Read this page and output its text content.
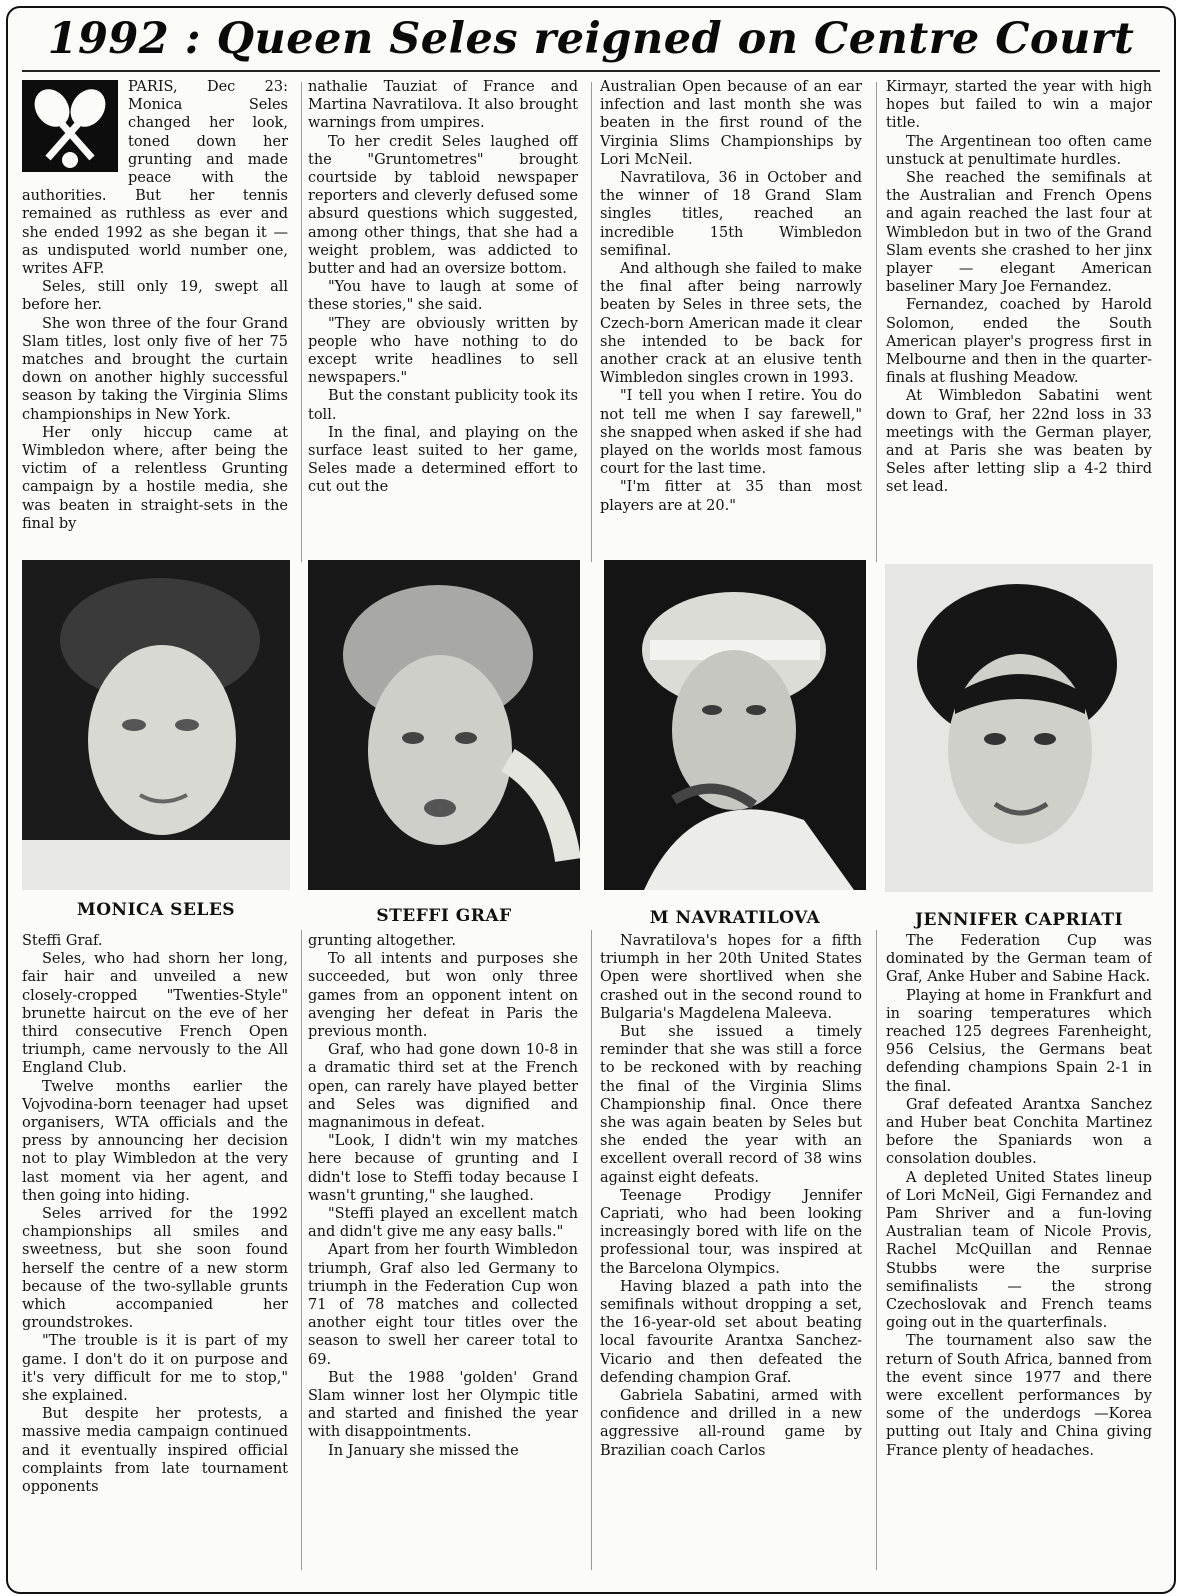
1992 : Queen Seles reigned on Centre Court

PARIS, Dec 23: Monica Seles changed her look, toned down her grunting and made peace with the authorities. But her tennis remained as ruthless as ever and she ended 1992 as she began it — as undisputed world number one, writes AFP.

Seles, still only 19, swept all before her.

She won three of the four Grand Slam titles, lost only five of her 75 matches and brought the curtain down on another highly successful season by taking the Virginia Slims championships in New York.

Her only hiccup came at Wimbledon where, after being the victim of a relentless Grunting campaign by a hostile media, she was beaten in straight-sets in the final by

nathalie Tauziat of France and Martina Navratilova. It also brought warnings from umpires.

To her credit Seles laughed off the "Gruntometres" brought courtside by tabloid newspaper reporters and cleverly defused some absurd questions which suggested, among other things, that she had a weight problem, was addicted to butter and had an oversize bottom.

"You have to laugh at some of these stories," she said.

"They are obviously written by people who have nothing to do except write headlines to sell newspapers."

But the constant publicity took its toll.

In the final, and playing on the surface least suited to her game, Seles made a determined effort to cut out the

Australian Open because of an ear infection and last month she was beaten in the first round of the Virginia Slims Championships by Lori McNeil.

Navratilova, 36 in October and the winner of 18 Grand Slam singles titles, reached an incredible 15th Wimbledon semifinal.

And although she failed to make the final after being narrowly beaten by Seles in three sets, the Czech-born American made it clear she intended to be back for another crack at an elusive tenth Wimbledon singles crown in 1993.

"I tell you when I retire. You do not tell me when I say farewell," she snapped when asked if she had played on the worlds most famous court for the last time.

"I'm fitter at 35 than most players are at 20."

Kirmayr, started the year with high hopes but failed to win a major title.

The Argentinean too often came unstuck at penultimate hurdles.

She reached the semifinals at the Australian and French Opens and again reached the last four at Wimbledon but in two of the Grand Slam events she crashed to her jinx player — elegant American baseliner Mary Joe Fernandez.

Fernandez, coached by Harold Solomon, ended the South American player's progress first in Melbourne and then in the quarter-finals at flushing Meadow.

At Wimbledon Sabatini went down to Graf, her 22nd loss in 33 meetings with the German player, and at Paris she was beaten by Seles after letting slip a 4-2 third set lead.

MONICA SELES	STEFFI GRAF	M NAVRATILOVA	JENNIFER CAPRIATI

Steffi Graf.

Seles, who had shorn her long, fair hair and unveiled a new closely-cropped "Twenties-Style" brunette haircut on the eve of her third consecutive French Open triumph, came nervously to the All England Club.

Twelve months earlier the Vojvodina-born teenager had upset organisers, WTA officials and the press by announcing her decision not to play Wimbledon at the very last moment via her agent, and then going into hiding.

Seles arrived for the 1992 championships all smiles and sweetness, but she soon found herself the centre of a new storm because of the two-syllable grunts which accompanied her groundstrokes.

"The trouble is it is part of my game. I don't do it on purpose and it's very difficult for me to stop," she explained.

But despite her protests, a massive media campaign continued and it eventually inspired official complaints from late tournament opponents

grunting altogether.

To all intents and purposes she succeeded, but won only three games from an opponent intent on avenging her defeat in Paris the previous month.

Graf, who had gone down 10-8 in a dramatic third set at the French open, can rarely have played better and Seles was dignified and magnanimous in defeat.

"Look, I didn't win my matches here because of grunting and I didn't lose to Steffi today because I wasn't grunting," she laughed.

"Steffi played an excellent match and didn't give me any easy balls."

Apart from her fourth Wimbledon triumph, Graf also led Germany to triumph in the Federation Cup won 71 of 78 matches and collected another eight tour titles over the season to swell her career total to 69.

But the 1988 'golden' Grand Slam winner lost her Olympic title and started and finished the year with disappointments.

In January she missed the

Navratilova's hopes for a fifth triumph in her 20th United States Open were shortlived when she crashed out in the second round to Bulgaria's Magdelena Maleeva.

But she issued a timely reminder that she was still a force to be reckoned with by reaching the final of the Virginia Slims Championship final. Once there she was again beaten by Seles but she ended the year with an excellent overall record of 38 wins against eight defeats.

Teenage Prodigy Jennifer Capriati, who had been looking increasingly bored with life on the professional tour, was inspired at the Barcelona Olympics.

Having blazed a path into the semifinals without dropping a set, the 16-year-old set about beating local favourite Arantxa Sanchez-Vicario and then defeated the defending champion Graf.

Gabriela Sabatini, armed with confidence and drilled in a new aggressive all-round game by Brazilian coach Carlos

The Federation Cup was dominated by the German team of Graf, Anke Huber and Sabine Hack.

Playing at home in Frankfurt and in soaring temperatures which reached 125 degrees Farenheight, 956 Celsius, the Germans beat defending champions Spain 2-1 in the final.

Graf defeated Arantxa Sanchez and Huber beat Conchita Martinez before the Spaniards won a consolation doubles.

A depleted United States lineup of Lori McNeil, Gigi Fernandez and Pam Shriver and a fun-loving Australian team of Nicole Provis, Rachel McQuillan and Rennae Stubbs were the surprise semifinalists — the strong Czechoslovak and French teams going out in the quarterfinals.

The tournament also saw the return of South Africa, banned from the event since 1977 and there were excellent performances by some of the underdogs —Korea putting out Italy and China giving France plenty of headaches.
